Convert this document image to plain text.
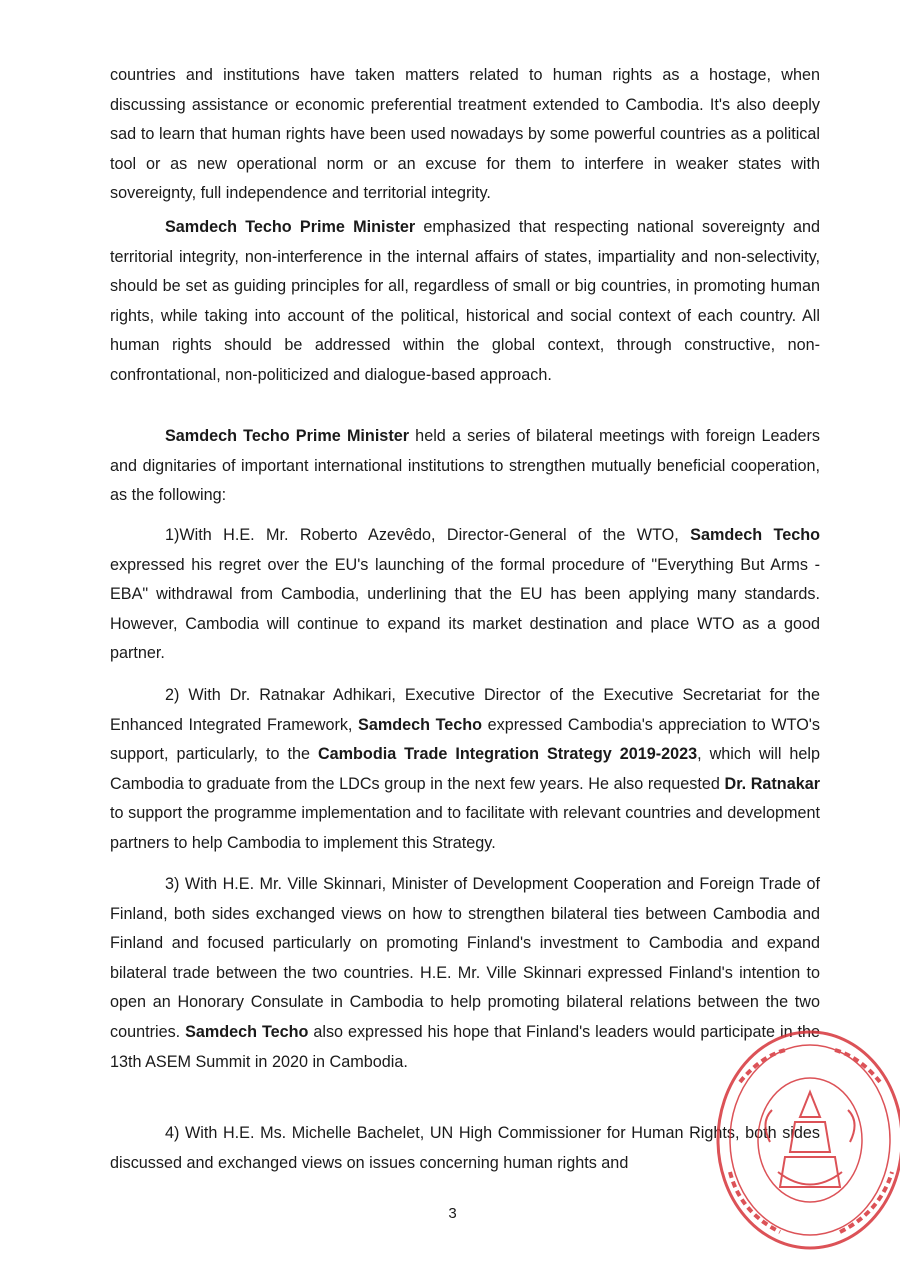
countries and institutions have taken matters related to human rights as a hostage, when discussing assistance or economic preferential treatment extended to Cambodia. It's also deeply sad to learn that human rights have been used nowadays by some powerful countries as a political tool or as new operational norm or an excuse for them to interfere in weaker states with sovereignty, full independence and territorial integrity.

Samdech Techo Prime Minister emphasized that respecting national sovereignty and territorial integrity, non-interference in the internal affairs of states, impartiality and non-selectivity, should be set as guiding principles for all, regardless of small or big countries, in promoting human rights, while taking into account of the political, historical and social context of each country. All human rights should be addressed within the global context, through constructive, non-confrontational, non-politicized and dialogue-based approach.

Samdech Techo Prime Minister held a series of bilateral meetings with foreign Leaders and dignitaries of important international institutions to strengthen mutually beneficial cooperation, as the following:

1)With H.E. Mr. Roberto Azevêdo, Director-General of the WTO, Samdech Techo expressed his regret over the EU's launching of the formal procedure of "Everything But Arms - EBA" withdrawal from Cambodia, underlining that the EU has been applying many standards. However, Cambodia will continue to expand its market destination and place WTO as a good partner.

2) With Dr. Ratnakar Adhikari, Executive Director of the Executive Secretariat for the Enhanced Integrated Framework, Samdech Techo expressed Cambodia's appreciation to WTO's support, particularly, to the Cambodia Trade Integration Strategy 2019-2023, which will help Cambodia to graduate from the LDCs group in the next few years. He also requested Dr. Ratnakar to support the programme implementation and to facilitate with relevant countries and development partners to help Cambodia to implement this Strategy.

3) With H.E. Mr. Ville Skinnari, Minister of Development Cooperation and Foreign Trade of Finland, both sides exchanged views on how to strengthen bilateral ties between Cambodia and Finland and focused particularly on promoting Finland's investment to Cambodia and expand bilateral trade between the two countries. H.E. Mr. Ville Skinnari expressed Finland's intention to open an Honorary Consulate in Cambodia to help promoting bilateral relations between the two countries. Samdech Techo also expressed his hope that Finland's leaders would participate in the 13th ASEM Summit in 2020 in Cambodia.

4) With H.E. Ms. Michelle Bachelet, UN High Commissioner for Human Rights, both sides discussed and exchanged views on issues concerning human rights and

3
